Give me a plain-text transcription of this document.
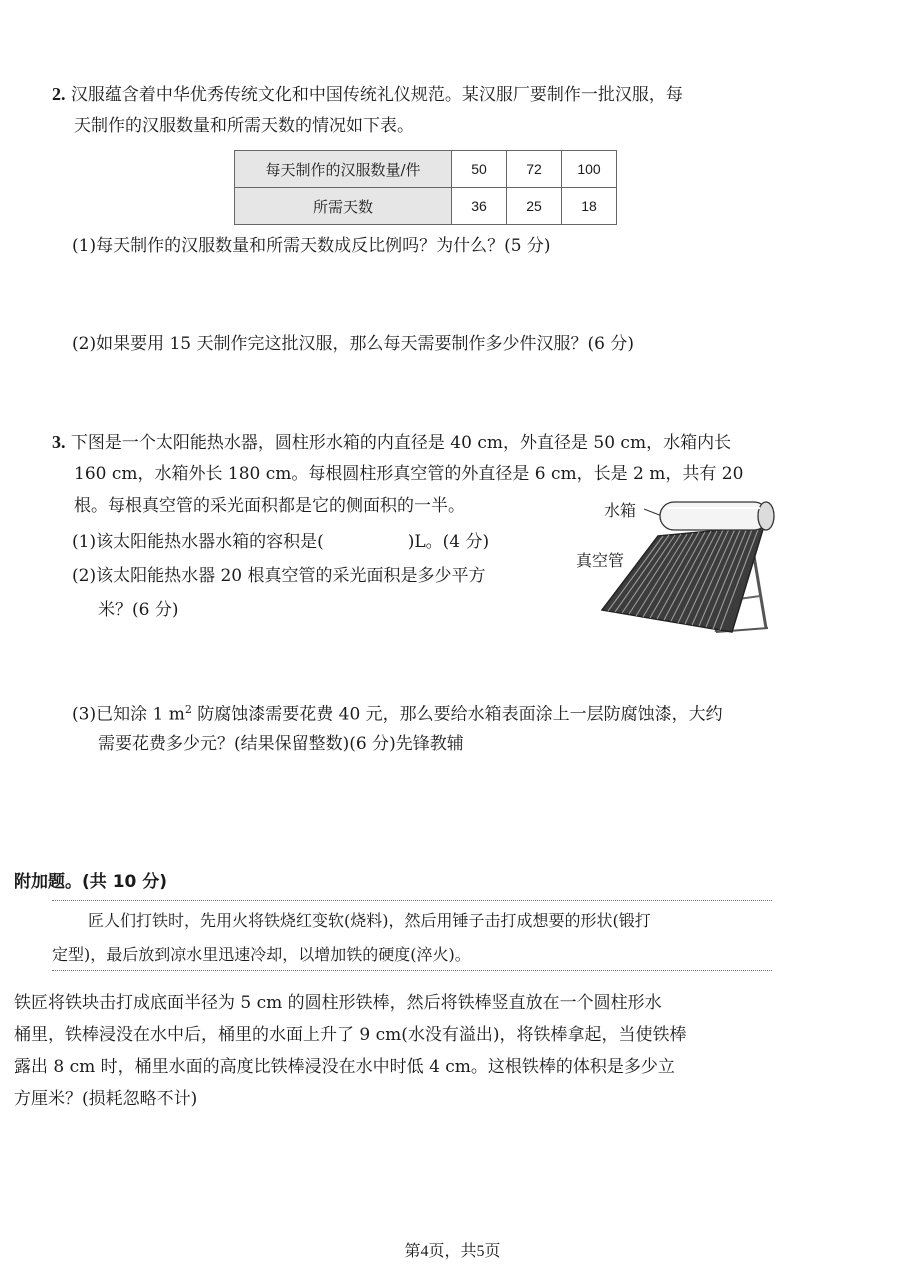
2. 汉服蕴含着中华优秀传统文化和中国传统礼仪规范。某汉服厂要制作一批汉服，每
天制作的汉服数量和所需天数的情况如下表。
每天制作的汉服数量/件	50	72	100
所需天数	36	25	18
(1)每天制作的汉服数量和所需天数成反比例吗？为什么？(5 分)
(2)如果要用 15 天制作完这批汉服，那么每天需要制作多少件汉服？(6 分)
3. 下图是一个太阳能热水器，圆柱形水箱的内直径是 40 cm，外直径是 50 cm，水箱内长
160 cm，水箱外长 180 cm。每根圆柱形真空管的外直径是 6 cm，长是 2 m，共有 20
根。每根真空管的采光面积都是它的侧面积的一半。
(1)该太阳能热水器水箱的容积是(	)L。(4 分)
(2)该太阳能热水器 20 根真空管的采光面积是多少平方
米？(6 分)
水箱
真空管
(3)已知涂 1 $m^2$ 防腐蚀漆需要花费 40 元，那么要给水箱表面涂上一层防腐蚀漆，大约
需要花费多少元？(结果保留整数)(6 分)先锋教辅
附加题。(共 10 分)
匠人们打铁时，先用火将铁烧红变软(烧料)，然后用锤子击打成想要的形状(锻打
定型)，最后放到凉水里迅速冷却，以增加铁的硬度(淬火)。
铁匠将铁块击打成底面半径为 5 cm 的圆柱形铁棒，然后将铁棒竖直放在一个圆柱形水
桶里，铁棒浸没在水中后，桶里的水面上升了 9 cm(水没有溢出)，将铁棒拿起，当使铁棒
露出 8 cm 时，桶里水面的高度比铁棒浸没在水中时低 4 cm。这根铁棒的体积是多少立
方厘米？(损耗忽略不计)
第4页，共5页
